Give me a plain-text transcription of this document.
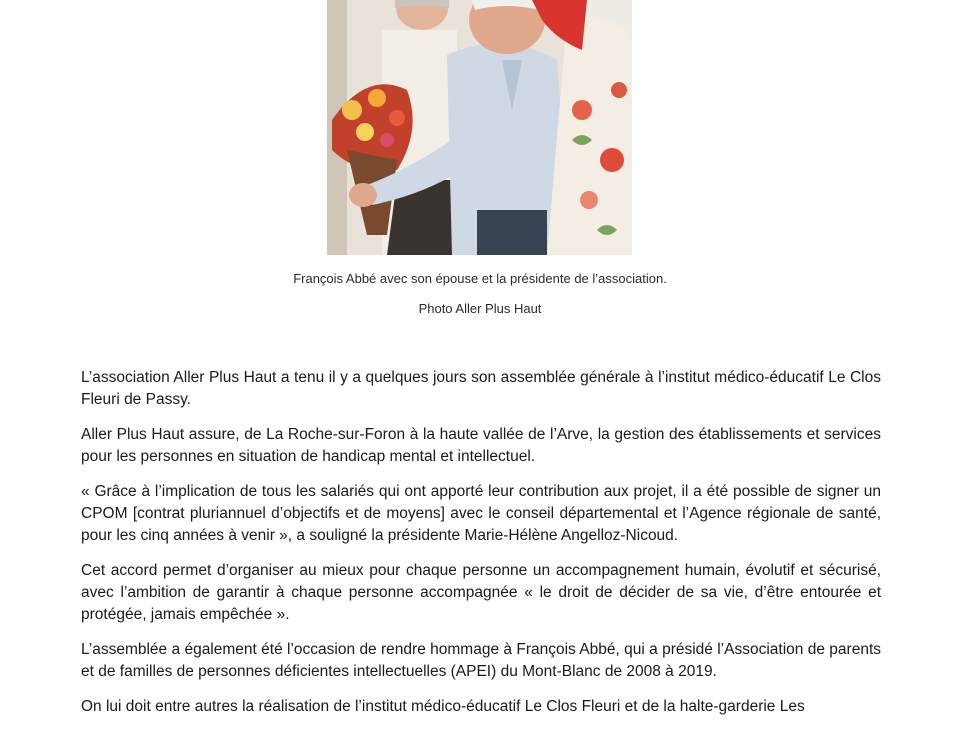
François Abbé avec son épouse et la présidente de l’association.

Photo Aller Plus Haut

L’association Aller Plus Haut a tenu il y a quelques jours son assemblée générale à l’institut médico-éducatif Le Clos Fleuri de Passy.

Aller Plus Haut assure, de La Roche-sur-Foron à la haute vallée de l’Arve, la gestion des établissements et services pour les personnes en situation de handicap mental et intellectuel.

« Grâce à l’implication de tous les salariés qui ont apporté leur contribution aux projet, il a été possible de signer un CPOM [contrat pluriannuel d’objectifs et de moyens] avec le conseil départemental et l’Agence régionale de santé, pour les cinq années à venir », a souligné la présidente Marie-Hélène Angelloz-Nicoud.

Cet accord permet d’organiser au mieux pour chaque personne un accompagnement humain, évolutif et sécurisé, avec l’ambition de garantir à chaque personne accompagnée « le droit de décider de sa vie, d’être entourée et protégée, jamais empêchée ».

L’assemblée a également été l’occasion de rendre hommage à François Abbé, qui a présidé l’Association de parents et de familles de personnes déficientes intellectuelles (APEI) du Mont-Blanc de 2008 à 2019.

On lui doit entre autres la réalisation de l’institut médico-éducatif Le Clos Fleuri et de la halte-garderie Les
